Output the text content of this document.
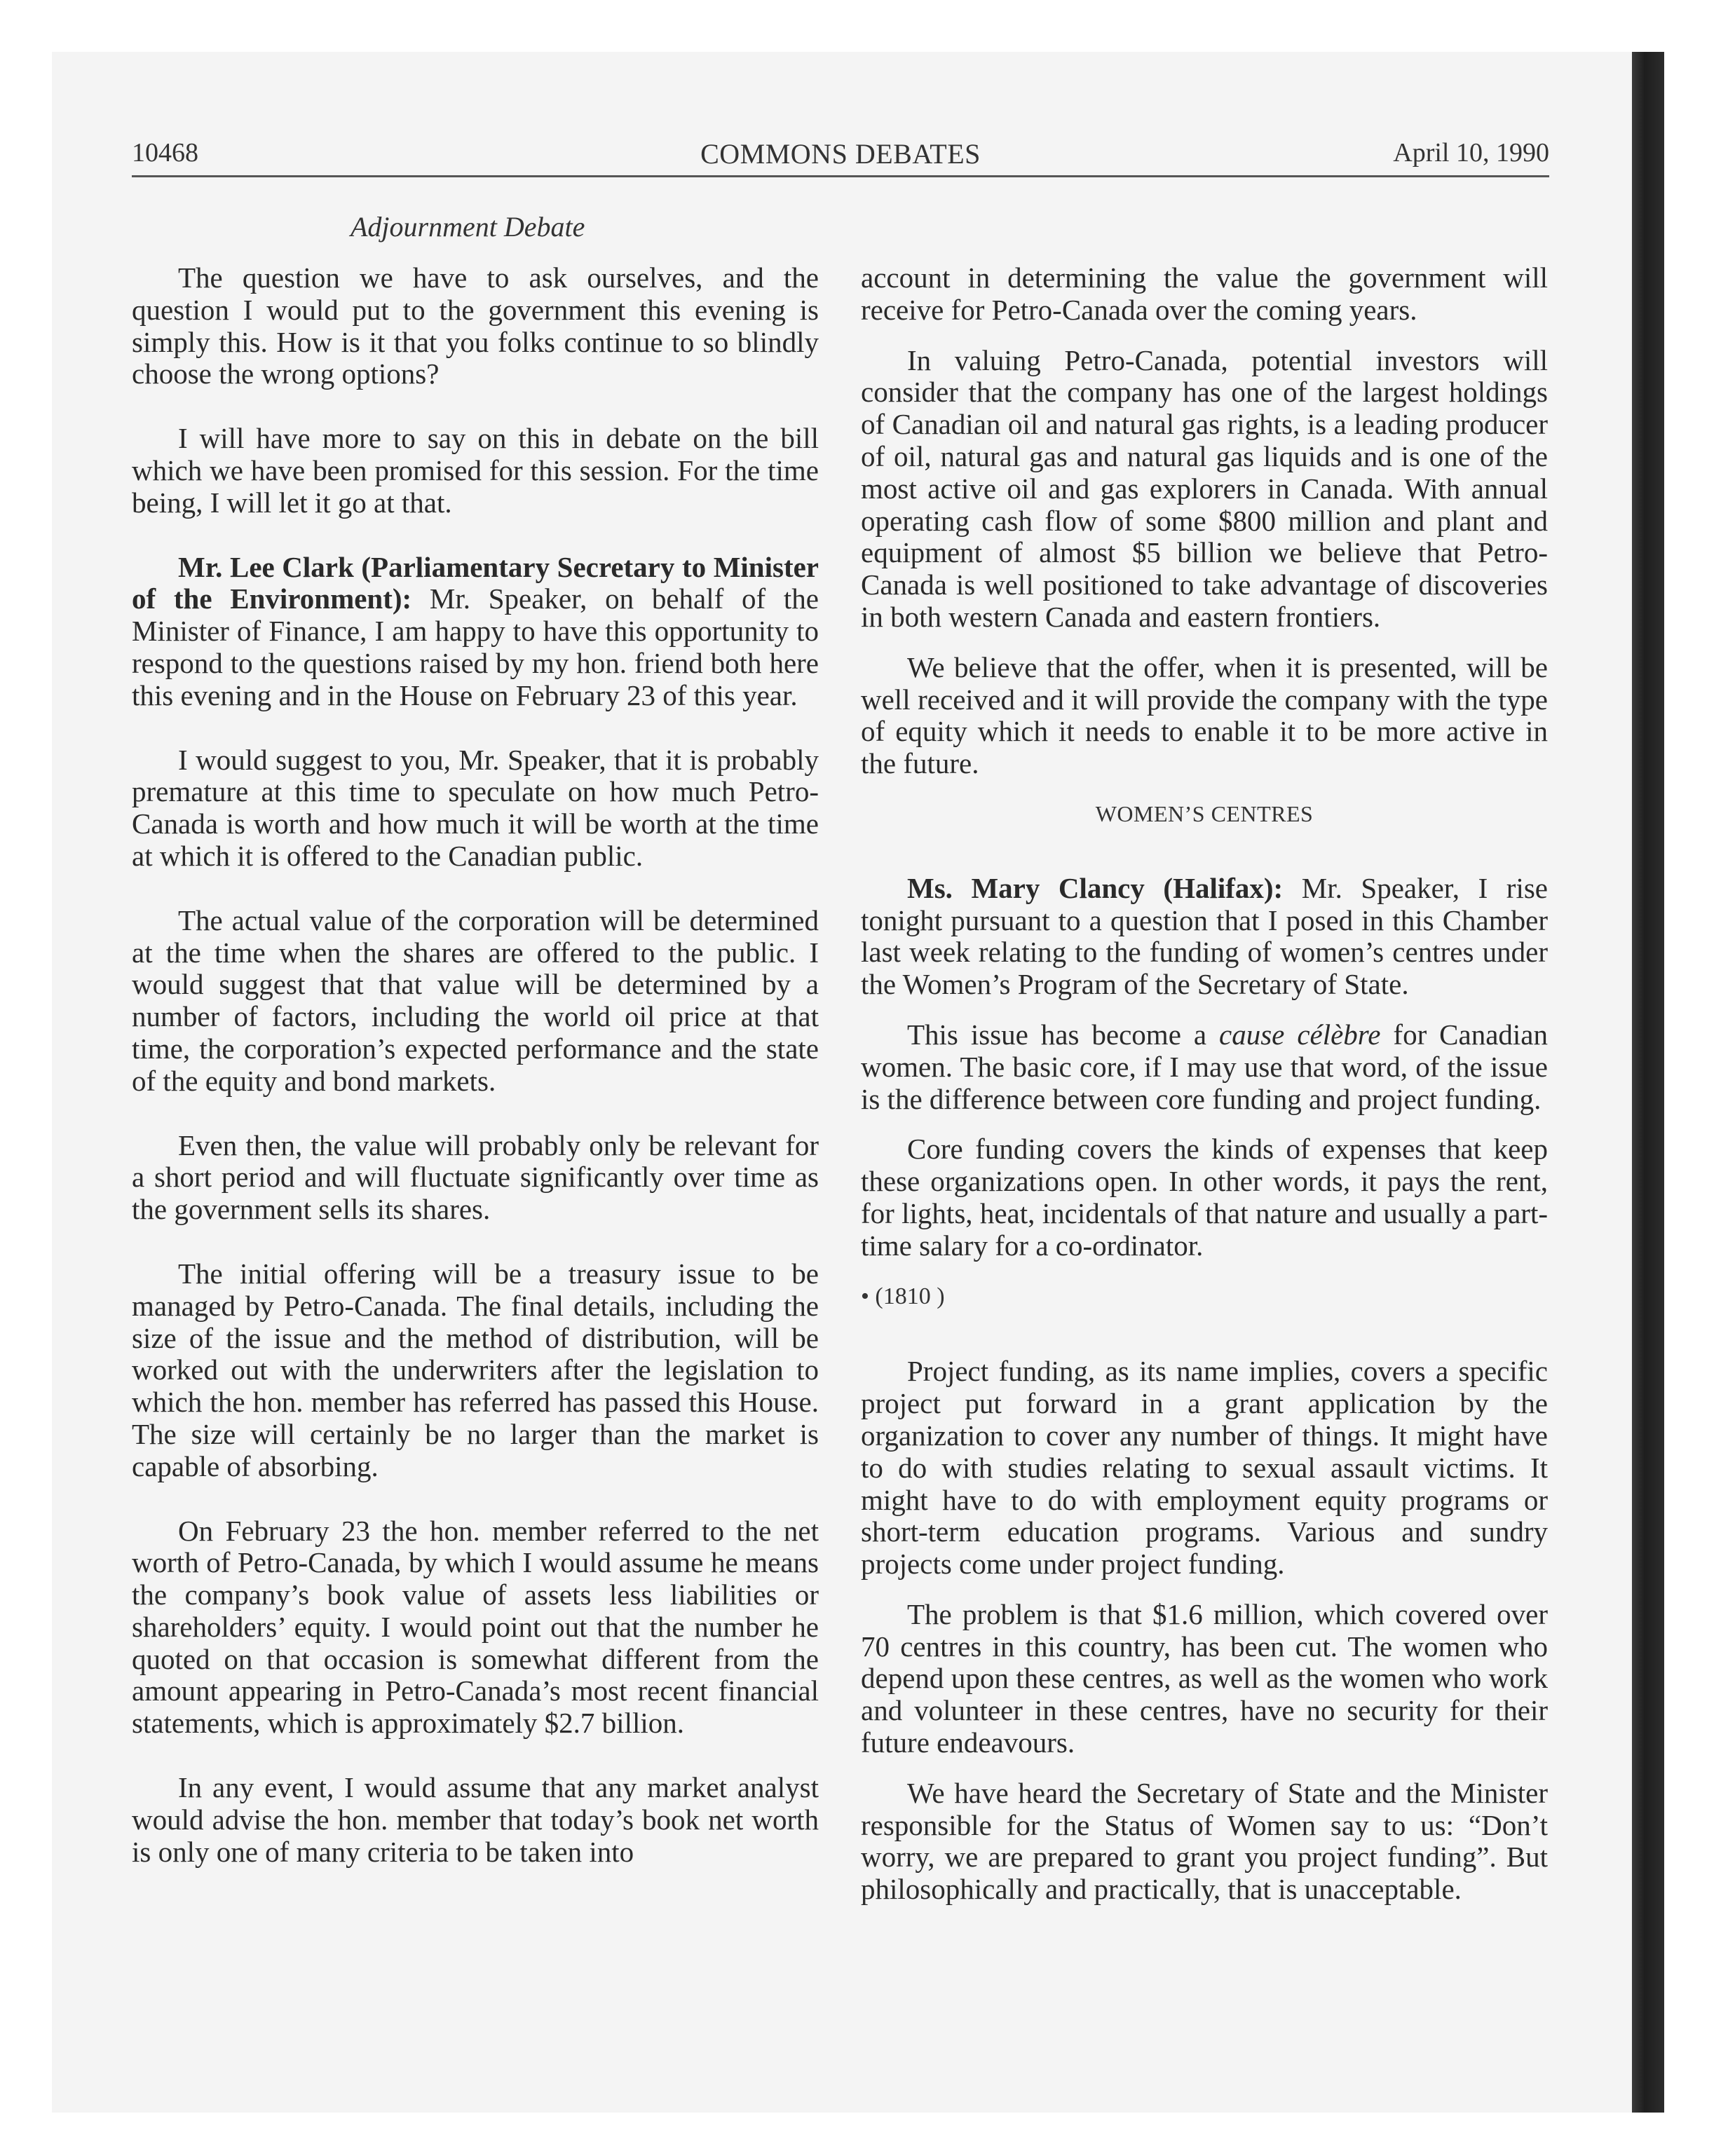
10468	COMMONS DEBATES	April 10, 1990
Adjournment Debate

The question we have to ask ourselves, and the question I would put to the government this evening is simply this. How is it that you folks continue to so blindly choose the wrong options?

I will have more to say on this in debate on the bill which we have been promised for this session. For the time being, I will let it go at that.

Mr. Lee Clark (Parliamentary Secretary to Minister of the Environment): Mr. Speaker, on behalf of the Minister of Finance, I am happy to have this opportunity to respond to the questions raised by my hon. friend both here this evening and in the House on February 23 of this year.

I would suggest to you, Mr. Speaker, that it is probably premature at this time to speculate on how much Petro-Canada is worth and how much it will be worth at the time at which it is offered to the Canadian public.

The actual value of the corporation will be determined at the time when the shares are offered to the public. I would suggest that that value will be determined by a number of factors, including the world oil price at that time, the corporation’s expected performance and the state of the equity and bond markets.

Even then, the value will probably only be relevant for a short period and will fluctuate significantly over time as the government sells its shares.

The initial offering will be a treasury issue to be managed by Petro-Canada. The final details, including the size of the issue and the method of distribution, will be worked out with the underwriters after the legislation to which the hon. member has referred has passed this House. The size will certainly be no larger than the market is capable of absorbing.

On February 23 the hon. member referred to the net worth of Petro-Canada, by which I would assume he means the company’s book value of assets less liabilities or shareholders’ equity. I would point out that the number he quoted on that occasion is somewhat different from the amount appearing in Petro-Canada’s most recent financial statements, which is approximately $2.7 billion.

In any event, I would assume that any market analyst would advise the hon. member that today’s book net worth is only one of many criteria to be taken into

account in determining the value the government will receive for Petro-Canada over the coming years.

In valuing Petro-Canada, potential investors will consider that the company has one of the largest holdings of Canadian oil and natural gas rights, is a leading producer of oil, natural gas and natural gas liquids and is one of the most active oil and gas explorers in Canada. With annual operating cash flow of some $800 million and plant and equipment of almost $5 billion we believe that Petro-Canada is well positioned to take advantage of discoveries in both western Canada and eastern frontiers.

We believe that the offer, when it is presented, will be well received and it will provide the company with the type of equity which it needs to enable it to be more active in the future.

WOMEN’S CENTRES

Ms. Mary Clancy (Halifax): Mr. Speaker, I rise tonight pursuant to a question that I posed in this Chamber last week relating to the funding of women’s centres under the Women’s Program of the Secretary of State.

This issue has become a cause célèbre for Canadian women. The basic core, if I may use that word, of the issue is the difference between core funding and project funding.

Core funding covers the kinds of expenses that keep these organizations open. In other words, it pays the rent, for lights, heat, incidentals of that nature and usually a part-time salary for a co-ordinator.

• (1810 )

Project funding, as its name implies, covers a specific project put forward in a grant application by the organization to cover any number of things. It might have to do with studies relating to sexual assault victims. It might have to do with employment equity programs or short-term education programs. Various and sundry projects come under project funding.

The problem is that $1.6 million, which covered over 70 centres in this country, has been cut. The women who depend upon these centres, as well as the women who work and volunteer in these centres, have no security for their future endeavours.

We have heard the Secretary of State and the Minister responsible for the Status of Women say to us: “Don’t worry, we are prepared to grant you project funding”. But philosophically and practically, that is unacceptable.
